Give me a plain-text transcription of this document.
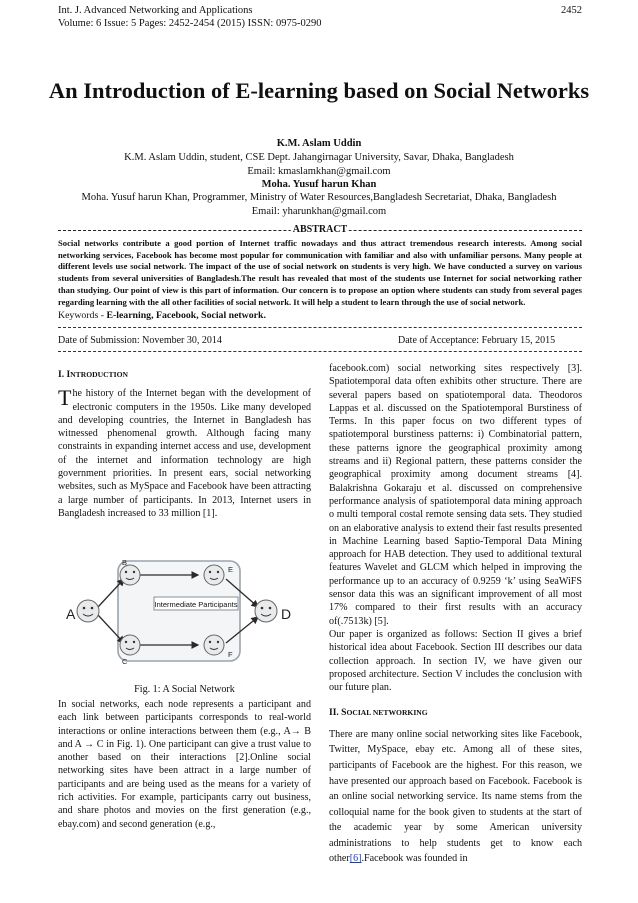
Int. J. Advanced Networking and Applications
Volume: 6 Issue: 5 Pages: 2452-2454 (2015) ISSN: 0975-0290
2452
An Introduction of E-learning based on Social Networks
K.M. Aslam Uddin
K.M. Aslam Uddin, student, CSE Dept. Jahangirnagar University, Savar, Dhaka, Bangladesh
Email: kmaslamkhan@gmail.com
Moha. Yusuf harun Khan
Moha. Yusuf harun Khan, Programmer, Ministry of Water Resources,Bangladesh Secretariat, Dhaka, Bangladesh
Email: yharunkhan@gmail.com
ABSTRACT
Social networks contribute a good portion of Internet traffic nowadays and thus attract tremendous research interests. Among social networking services, Facebook has become most popular for communication with familiar and also with unfamiliar persons. Many people at different levels use social network. The impact of the use of social network on students is very high. We have conducted a survey on various students from several universities of Bangladesh.The result has revealed that most of the students use Internet for social networking rather than studying. Our point of view is this part of information. Our concern is to propose an option where students can study from several pages regarding learning with the all other facilities of social network. It will help a student to learn through the use of social network.
Keywords - E-learning, Facebook, Social network.
Date of Submission: November 30, 2014	Date of Acceptance: February 15, 2015
I. INTRODUCTION

The history of the Internet began with the development of electronic computers in the 1950s. Like many developed and developing countries, the Internet in Bangladesh has witnessed phenomenal growth. Although facing many constraints in expanding internet access and use, development of the internet and information technology are high government priorities. In present ears, social networking websites, such as MySpace and Facebook have been attracting a large number of participants. In 2013, Internet users in Bangladesh increased to 33 million [1].

Intermediate Participants
A
B
C
D
E
F
Fig. 1: A Social Network

In social networks, each node represents a participant and each link between participants corresponds to real-world interactions or online interactions between them (e.g., A→ B and A → C in Fig. 1). One participant can give a trust value to another based on their interactions [2].Online social networking sites have been attract in a large number of participants and are being used as the means for a variety of rich activities. For example, participants carry out business, and share photos and movies on the first generation (e.g., ebay.com) and second generation (e.g.,

facebook.com) social networking sites respectively [3]. Spatiotemporal data often exhibits other structure. There are several papers based on spatiotemporal data. Theodoros Lappas et al. discussed on the Spatiotemporal Burstiness of Terms. In this paper focus on two different types of spatiotemporal burstiness patterns: i) Combinatorial pattern, these patterns ignore the geographical proximity among streams and ii) Regional pattern, these patterns consider the geographical proximity among document streams [4]. Balakrishna Gokaraju et al. discussed on comprehensive performance analysis of spatiotemporal data mining approach o multi temporal costal remote sensing data sets. They studied on an elaborative analysis to extend their fast results presented in Machine Learning based Saptio-Temporal Data Mining approach for HAB detection. They used to additional textural features Wavelet and GLCM which helped in improving the performance up to an accuracy of 0.9259 ‘k’ using SeaWiFS sensor data this was an significant improvement of all most 17% compared to their first results with an accuracy of(.7513k) [5].

Our paper is organized as follows: Section II gives a brief historical idea about Facebook. Section III describes our data collection approach. In section IV, we have given our proposed architecture. Section V includes the conclusion with our future plan.

II. SOCIAL NETWORKING

There are many online social networking sites like Facebook, Twitter, MySpace, ebay etc. Among all of these sites, participants of Facebook are the highest. For this reason, we have presented our approach based on Facebook. Facebook is an online social networking service. Its name stems from the colloquial name for the book given to students at the start of the academic year by some American university administrations to help students get to know each other[6].Facebook was founded in
